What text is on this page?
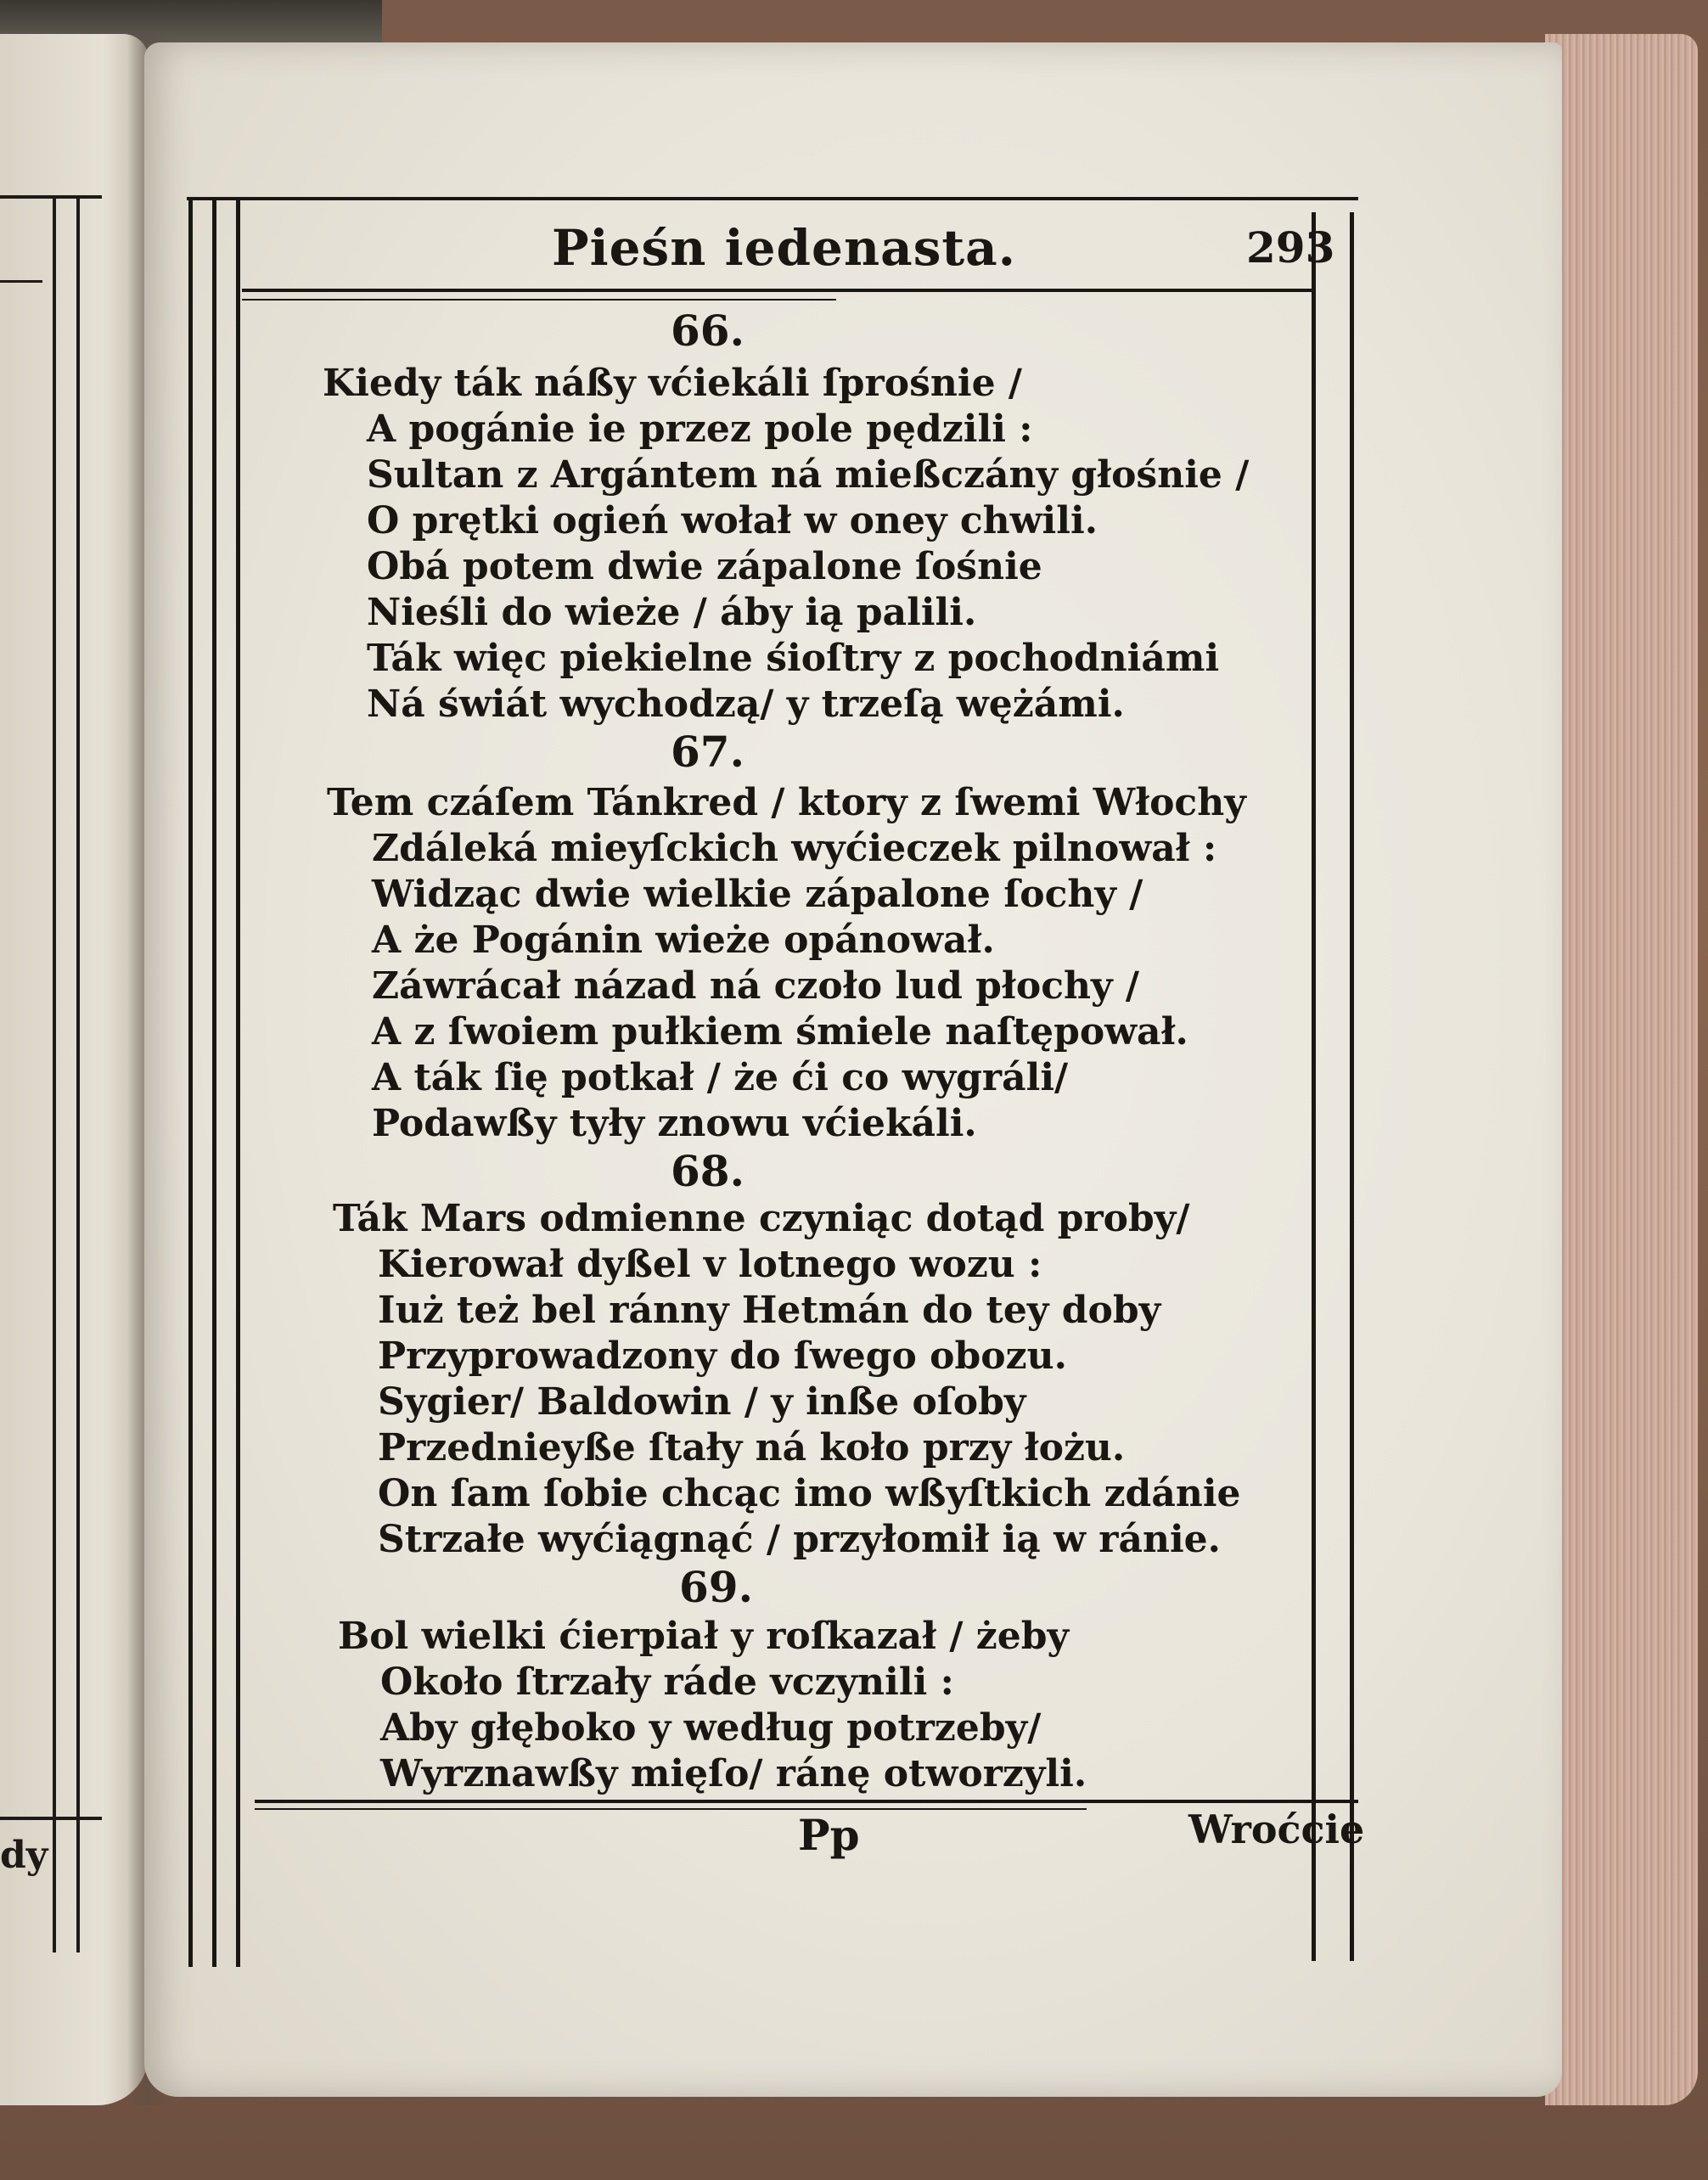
dy
Pieśn iedenasta.	293
66.
Kiedy ták náßy vćiekáli ſprośnie /
A pogánie ie przez pole pędzili :
Sultan z Argántem ná mießczány głośnie /
O prętki ogień wołał w oney chwili.
Obá potem dwie zápalone ſośnie
Nieśli do wieże / áby ią palili.
Ták więc piekielne śioſtry z pochodniámi
Ná świát wychodzą/ y trzeſą wężámi.
67.
Tem czáſem Tánkred / ktory z ſwemi Włochy
Zdáleká mieyſckich wyćieczek pilnował :
Widząc dwie wielkie zápalone ſochy /
A że Pogánin wieże opánował.
Záwrácał názad ná czoło lud płochy /
A z ſwoiem pułkiem śmiele naſtępował.
A ták ſię potkał / że ći co wygráli/
Podawßy tyły znowu vćiekáli.
68.
Ták Mars odmienne czyniąc dotąd proby/
Kierował dyßel v lotnego wozu :
Iuż też bel ránny Hetmán do tey doby
Przyprowadzony do ſwego obozu.
Sygier/ Baldowin / y inße oſoby
Przednieyße ſtały ná koło przy łożu.
On ſam ſobie chcąc imo wßyſtkich zdánie
Strzałe wyćiągnąć / przyłomił ią w ránie.
69.
Bol wielki ćierpiał y roſkazał / żeby
Około ſtrzały ráde vczynili :
Aby głęboko y według potrzeby/
Wyrznawßy mięſo/ ránę otworzyli.
Pp	Wroćcie
